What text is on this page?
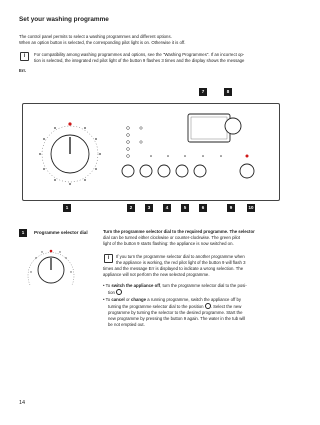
Set your washing programme
The control panel permits to select a washing programmes and different options.
When an option button is selected, the corresponding pilot light is on. Otherwise it is off.
i	For compatibility among washing programmes and options, see the "Washing Programmes". If an incorrect op-
tion is selected, the integrated red pilot light of the button 9 flashes 3 times and the display shows the message
Err.
7	8
1	2	3	4	5	6	9	10
1	Programme selector dial	Turn the programme selector dial to the required programme. The selector
dial can be turned either clockwise or counter-clockwise. The green pilot
light of the button 9 starts flashing: the appliance is now switched on.
i	If you turn the programme selector dial to another programme when
the appliance is working, the red pilot light of the button 9 will flash 3
times and the message Err is displayed to indicate a wrong selection. The
appliance will not perform the new selected programme.
• To switch the appliance off, turn the programme selector dial to the posi-
tion
• To cancel or change a running programme, switch the appliance off by
turning the programme selector dial to the position . Select the new
programme by turning the selector to the desired programme. Start the
new programme by pressing the button 9 again. The water in the tub will
be not emptied out.
14
